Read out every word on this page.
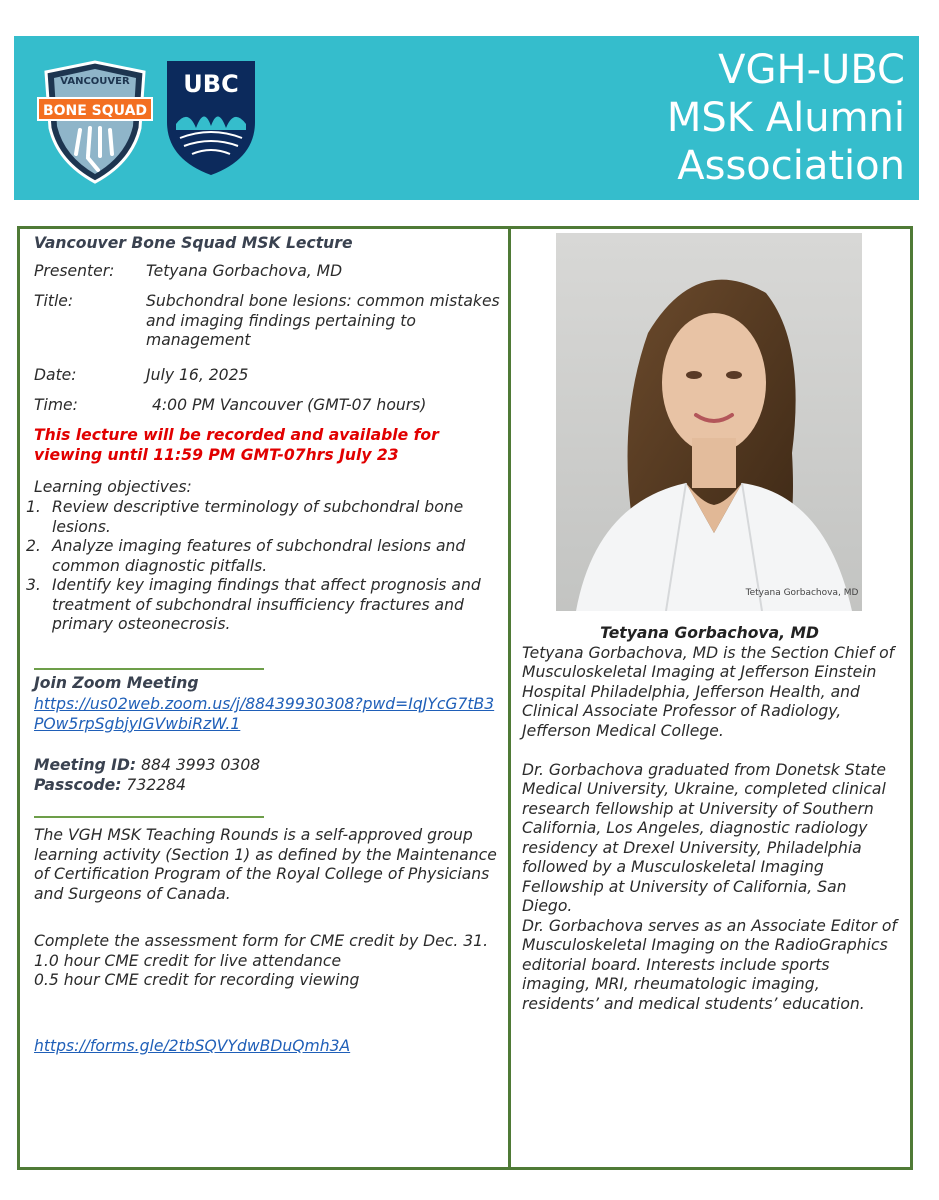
VANCOUVER
BONE SQUAD
UBC	VGH-UBC
MSK Alumni
Association
Vancouver Bone Squad MSK Lecture
Presenter: Tetyana Gorbachova, MD
Title:	Subchondral bone lesions: common mistakes and imaging findings pertaining to management
Date:	July 16, 2025
Time:	4:00 PM Vancouver (GMT-07 hours)
This lecture will be recorded and available for viewing until 11:59 PM GMT-07hrs July 23
Learning objectives:
1. Review descriptive terminology of subchondral bone lesions.
2. Analyze imaging features of subchondral lesions and common diagnostic pitfalls.
3. Identify key imaging findings that affect prognosis and treatment of subchondral insufficiency fractures and primary osteonecrosis.
Join Zoom Meeting
https://us02web.zoom.us/j/88439930308?pwd=IqJYcG7tB3POw5rpSgbjyIGVwbiRzW.1
Meeting ID: 884 3993 0308
Passcode: 732284
The VGH MSK Teaching Rounds is a self-approved group learning activity (Section 1) as defined by the Maintenance of Certification Program of the Royal College of Physicians and Surgeons of Canada.
Complete the assessment form for CME credit by Dec. 31.
1.0 hour CME credit for live attendance
0.5 hour CME credit for recording viewing
https://forms.gle/2tbSQVYdwBDuQmh3A
Tetyana Gorbachova, MD
Tetyana Gorbachova, MD

Tetyana Gorbachova, MD is the Section Chief of Musculoskeletal Imaging at Jefferson Einstein Hospital Philadelphia, Jefferson Health, and Clinical Associate Professor of Radiology, Jefferson Medical College.

Dr. Gorbachova graduated from Donetsk State Medical University, Ukraine, completed clinical research fellowship at University of Southern California, Los Angeles, diagnostic radiology residency at Drexel University, Philadelphia followed by a Musculoskeletal Imaging Fellowship at University of California, San Diego.

Dr. Gorbachova serves as an Associate Editor of Musculoskeletal Imaging on the RadioGraphics editorial board. Interests include sports imaging, MRI, rheumatologic imaging, residents’ and medical students’ education.
